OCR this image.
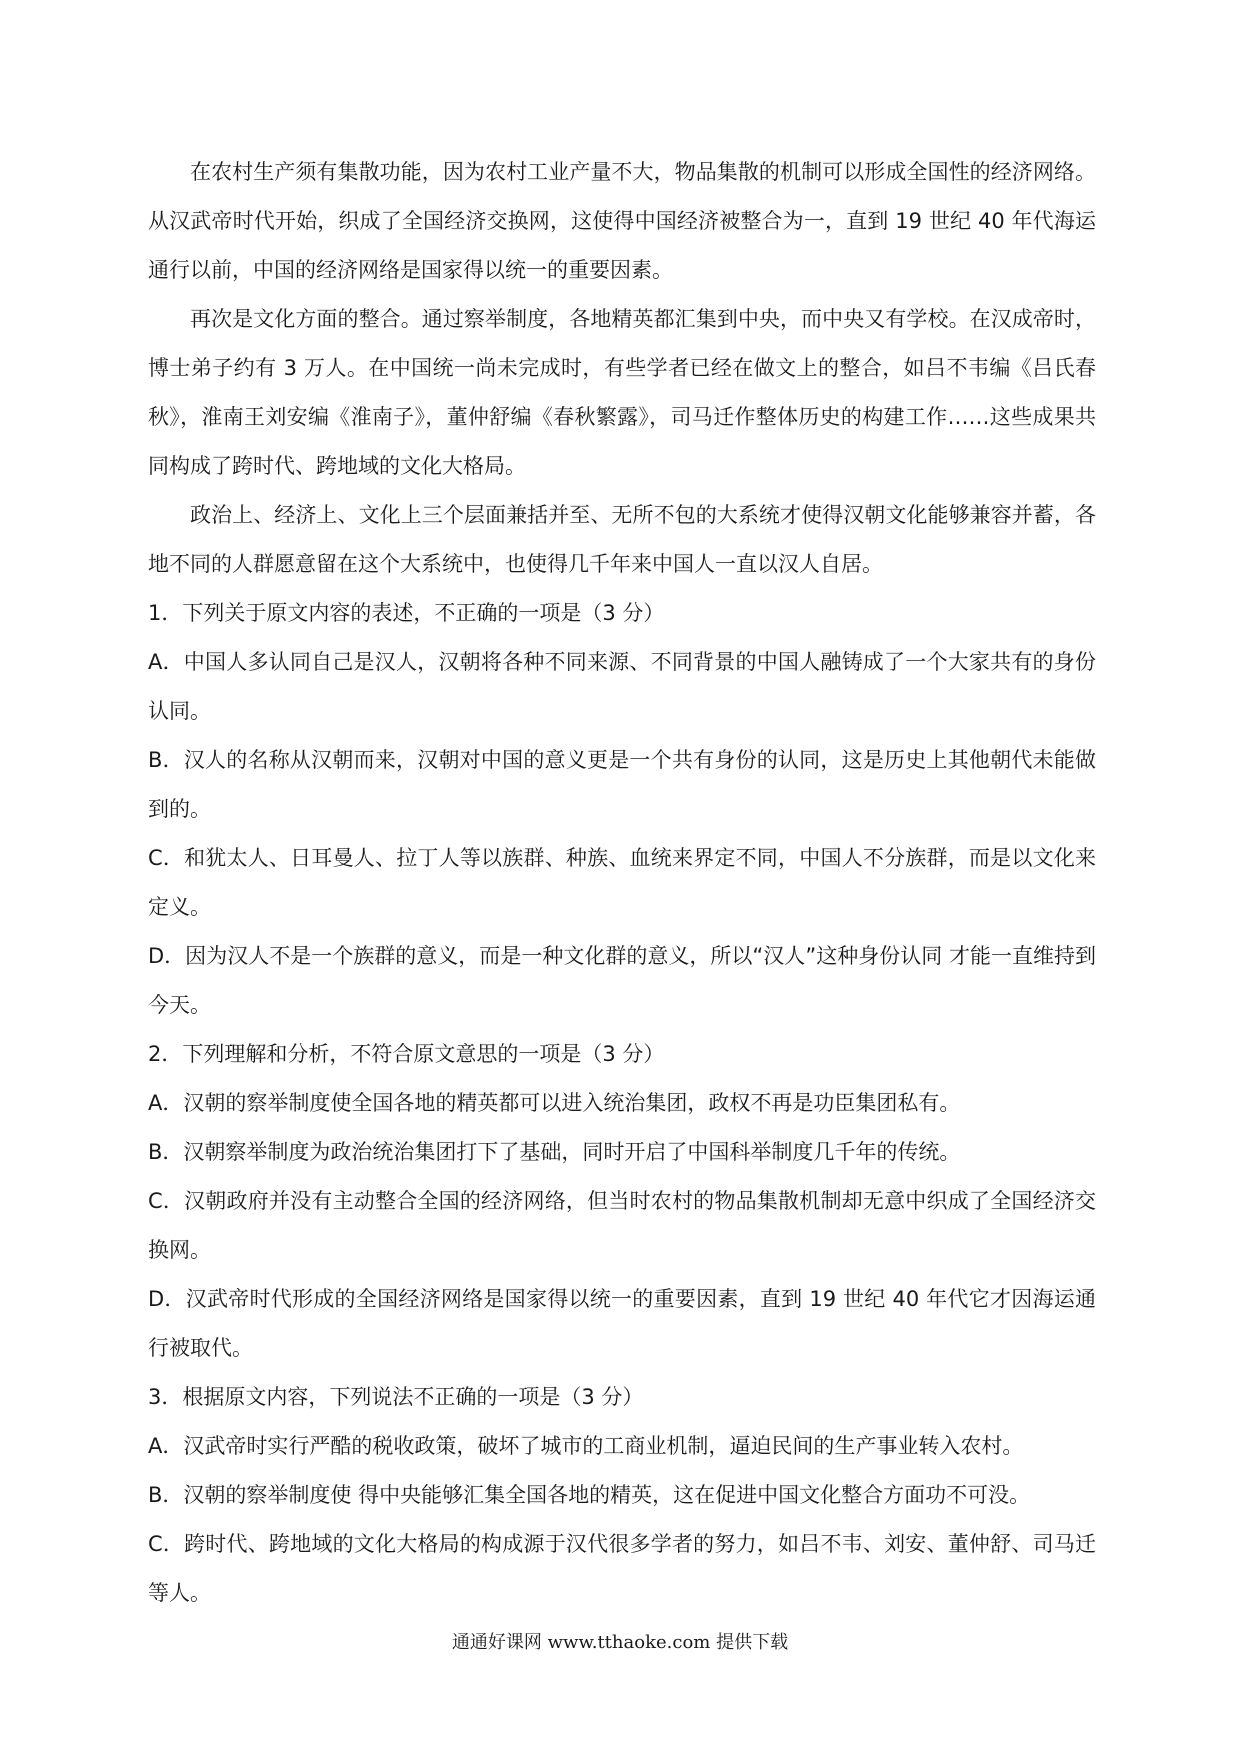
在农村生产须有集散功能，因为农村工业产量不大，物品集散的机制可以形成全国性的经济网络。从汉武帝时代开始，织成了全国经济交换网，这使得中国经济被整合为一，直到 19 世纪 40 年代海运通行以前，中国的经济网络是国家得以统一的重要因素。

再次是文化方面的整合。通过察举制度，各地精英都汇集到中央，而中央又有学校。在汉成帝时，博士弟子约有 3 万人。在中国统一尚未完成时，有些学者已经在做文上的整合，如吕不韦编《吕氏春秋》，淮南王刘安编《淮南子》，董仲舒编《春秋繁露》，司马迁作整体历史的构建工作……这些成果共同构成了跨时代、跨地域的文化大格局。

政治上、经济上、文化上三个层面兼括并至、无所不包的大系统才使得汉朝文化能够兼容并蓄，各地不同的人群愿意留在这个大系统中，也使得几千年来中国人一直以汉人自居。

1．下列关于原文内容的表述，不正确的一项是（3 分）

A．中国人多认同自己是汉人，汉朝将各种不同来源、不同背景的中国人融铸成了一个大家共有的身份认同。

B．汉人的名称从汉朝而来，汉朝对中国的意义更是一个共有身份的认同，这是历史上其他朝代未能做到的。

C．和犹太人、日耳曼人、拉丁人等以族群、种族、血统来界定不同，中国人不分族群，而是以文化来定义。

D．因为汉人不是一个族群的意义，而是一种文化群的意义，所以“汉人”这种身份认同 才能一直维持到今天。

2．下列理解和分析，不符合原文意思的一项是（3 分）

A．汉朝的察举制度使全国各地的精英都可以进入统治集团，政权不再是功臣集团私有。

B．汉朝察举制度为政治统治集团打下了基础，同时开启了中国科举制度几千年的传统。

C．汉朝政府并没有主动整合全国的经济网络，但当时农村的物品集散机制却无意中织成了全国经济交换网。

D．汉武帝时代形成的全国经济网络是国家得以统一的重要因素，直到 19 世纪 40 年代它才因海运通行被取代。

3．根据原文内容，下列说法不正确的一项是（3 分）

A．汉武帝时实行严酷的税收政策，破坏了城市的工商业机制，逼迫民间的生产事业转入农村。

B．汉朝的察举制度使 得中央能够汇集全国各地的精英，这在促进中国文化整合方面功不可没。

C．跨时代、跨地域的文化大格局的构成源于汉代很多学者的努力，如吕不韦、刘安、董仲舒、司马迁等人。

通通好课网 www.tthaoke.com 提供下载
